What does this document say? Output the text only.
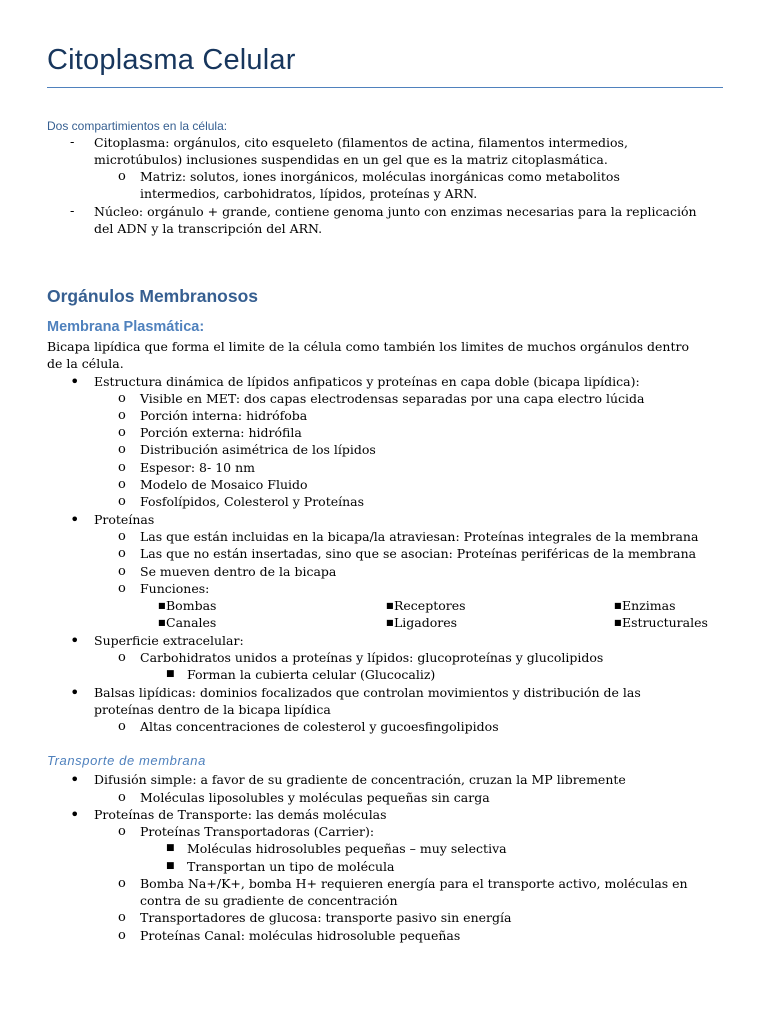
Citoplasma Celular
Dos compartimientos en la célula:
- Citoplasma: orgánulos, cito esqueleto (filamentos de actina, filamentos intermedios,
microtúbulos) inclusiones suspendidas en un gel que es la matriz citoplasmática.
o Matriz: solutos, iones inorgánicos, moléculas inorgánicas como metabolitos
intermedios, carbohidratos, lípidos, proteínas y ARN.
- Núcleo: orgánulo + grande, contiene genoma junto con enzimas necesarias para la replicación
del ADN y la transcripción del ARN.
Orgánulos Membranosos
Membrana Plasmática:
Bicapa lipídica que forma el limite de la célula como también los limites de muchos orgánulos dentro
de la célula.
• Estructura dinámica de lípidos anfipaticos y proteínas en capa doble (bicapa lipídica):
o Visible en MET: dos capas electrodensas separadas por una capa electro lúcida
o Porción interna: hidrófoba
o Porción externa: hidrófila
o Distribución asimétrica de los lípidos
o Espesor: 8- 10 nm
o Modelo de Mosaico Fluido
o Fosfolípidos, Colesterol y Proteínas
• Proteínas
o Las que están incluidas en la bicapa/la atraviesan: Proteínas integrales de la membrana
o Las que no están insertadas, sino que se asocian: Proteínas periféricas de la membrana
o Se mueven dentro de la bicapa
o Funciones:
■ Bombas	■ Receptores	■ Enzimas
■ Canales	■ Ligadores	■ Estructurales
• Superficie extracelular:
o Carbohidratos unidos a proteínas y lípidos: glucoproteínas y glucolipidos
■ Forman la cubierta celular (Glucocaliz)
• Balsas lipídicas: dominios focalizados que controlan movimientos y distribución de las
proteínas dentro de la bicapa lipídica
o Altas concentraciones de colesterol y gucoesfingolipidos
Transporte de membrana
• Difusión simple: a favor de su gradiente de concentración, cruzan la MP libremente
o Moléculas liposolubles y moléculas pequeñas sin carga
• Proteínas de Transporte: las demás moléculas
o Proteínas Transportadoras (Carrier):
■ Moléculas hidrosolubles pequeñas – muy selectiva
■ Transportan un tipo de molécula
o Bomba Na+/K+, bomba H+ requieren energía para el transporte activo, moléculas en
contra de su gradiente de concentración
o Transportadores de glucosa: transporte pasivo sin energía
o Proteínas Canal: moléculas hidrosoluble pequeñas
